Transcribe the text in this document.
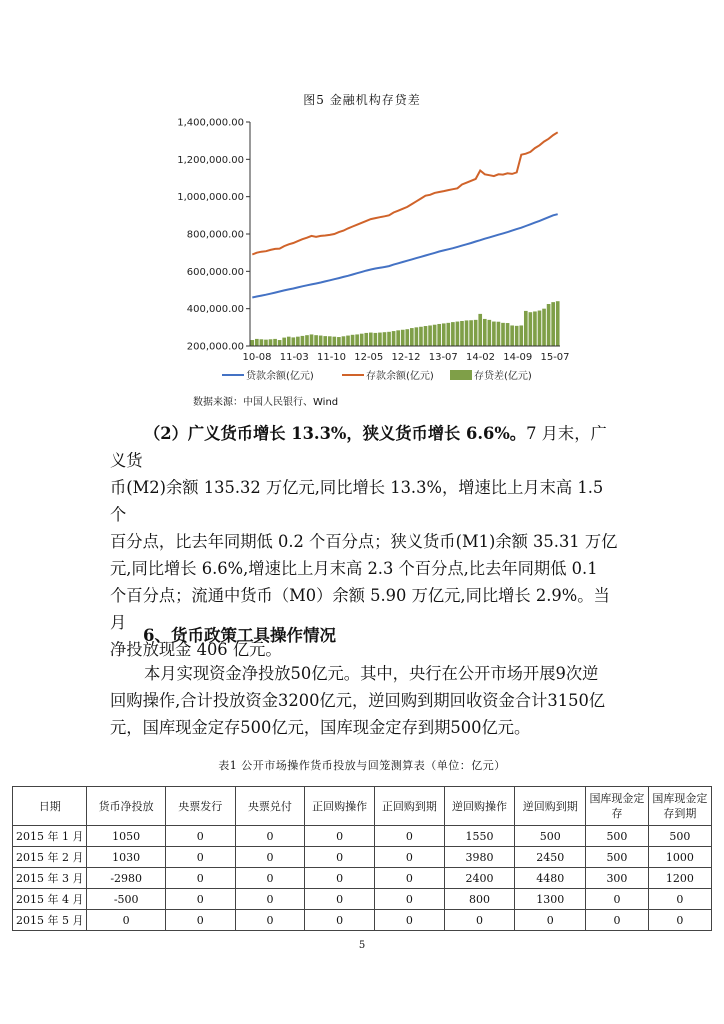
图5 金融机构存贷差
1,400,000.00
1,200,000.00
1,000,000.00
800,000.00
600,000.00
400,000.00
200,000.00
10-08 11-03 11-10 12-05 12-12 13-07 14-02 14-09 15-07
贷款余额(亿元)	存款余额(亿元)	存贷差(亿元)
数据来源：中国人民银行、Wind
（2）广义货币增长 13.3%，狭义货币增长 6.6%。7 月末，广义货
币(M2)余额 135.32 万亿元,同比增长 13.3%，增速比上月末高 1.5 个
百分点，比去年同期低 0.2 个百分点；狭义货币(M1)余额 35.31 万亿
元,同比增长 6.6%,增速比上月末高 2.3 个百分点,比去年同期低 0.1
个百分点；流通中货币（M0）余额 5.90 万亿元,同比增长 2.9%。当月
净投放现金 406 亿元。
6、货币政策工具操作情况
本月实现资金净投放50亿元。其中，央行在公开市场开展9次逆
回购操作,合计投放资金3200亿元，逆回购到期回收资金合计3150亿
元，国库现金定存500亿元，国库现金定存到期500亿元。
表1 公开市场操作货币投放与回笼测算表（单位：亿元）
日期	货币净投放	央票发行	央票兑付	正回购操作	正回购到期	逆回购操作	逆回购到期	国库现金定存	国库现金定存到期
2015 年 1 月	1050	0	0	0	0	1550	500	500	500
2015 年 2 月	1030	0	0	0	0	3980	2450	500	1000
2015 年 3 月	-2980	0	0	0	0	2400	4480	300	1200
2015 年 4 月	-500	0	0	0	0	800	1300	0	0
2015 年 5 月	0	0	0	0	0	0	0	0	0
5
